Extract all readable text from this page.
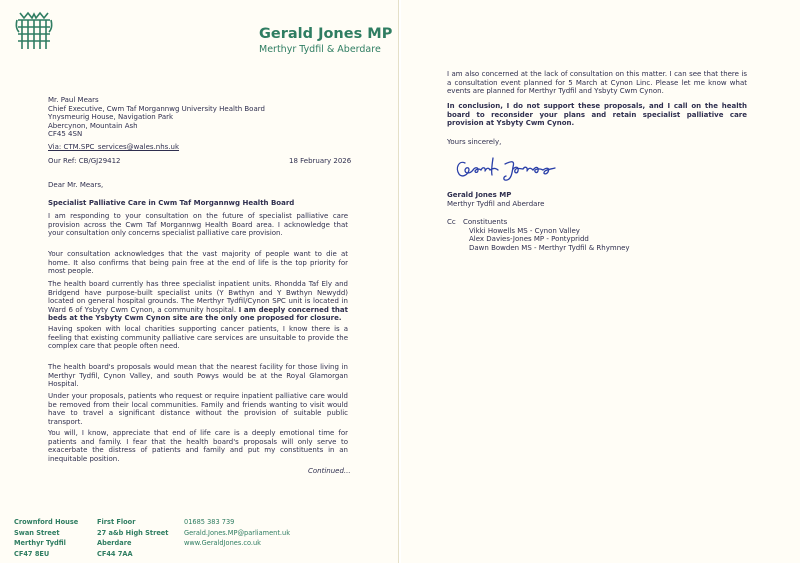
Gerald Jones MP
Merthyr Tydfil & Aberdare
Mr. Paul Mears
Chief Executive, Cwm Taf Morgannwg University Health Board
Ynysmeurig House, Navigation Park
Abercynon, Mountain Ash
CF45 4SN
Via: CTM.SPC_services@wales.nhs.uk
Our Ref: CB/GJ29412	18 February 2026
Dear Mr. Mears,
Specialist Palliative Care in Cwm Taf Morgannwg Health Board
I am responding to your consultation on the future of specialist palliative care provision across the Cwm Taf Morgannwg Health Board area. I acknowledge that your consultation only concerns specialist palliative care provision.
Your consultation acknowledges that the vast majority of people want to die at home. It also confirms that being pain free at the end of life is the top priority for most people.
The health board currently has three specialist inpatient units. Rhondda Taf Ely and Bridgend have purpose-built specialist units (Y Bwthyn and Y Bwthyn Newydd) located on general hospital grounds. The Merthyr Tydfil/Cynon SPC unit is located in Ward 6 of Ysbyty Cwm Cynon, a community hospital. I am deeply concerned that beds at the Ysbyty Cwm Cynon site are the only one proposed for closure.
Having spoken with local charities supporting cancer patients, I know there is a feeling that existing community palliative care services are unsuitable to provide the complex care that people often need.
The health board's proposals would mean that the nearest facility for those living in Merthyr Tydfil, Cynon Valley, and south Powys would be at the Royal Glamorgan Hospital.
Under your proposals, patients who request or require inpatient palliative care would be removed from their local communities. Family and friends wanting to visit would have to travel a significant distance without the provision of suitable public transport.
You will, I know, appreciate that end of life care is a deeply emotional time for patients and family. I fear that the health board's proposals will only serve to exacerbate the distress of patients and family and put my constituents in an inequitable position.
Continued...
Crownford House
Swan Street
Merthyr Tydfil
CF47 8EU
First Floor
27 a&b High Street
Aberdare
CF44 7AA
01685 383 739
Gerald.Jones.MP@parliament.uk
www.GeraldJones.co.uk
I am also concerned at the lack of consultation on this matter. I can see that there is a consultation event planned for 5 March at Cynon Linc. Please let me know what events are planned for Merthyr Tydfil and Ysbyty Cwm Cynon.
In conclusion, I do not support these proposals, and I call on the health board to reconsider your plans and retain specialist palliative care provision at Ysbyty Cwm Cynon.
Yours sincerely,
Gerald Jones MP
Merthyr Tydfil and Aberdare
Cc Constituents
Vikki Howells MS - Cynon Valley
Alex Davies-Jones MP - Pontypridd
Dawn Bowden MS - Merthyr Tydfil & Rhymney
